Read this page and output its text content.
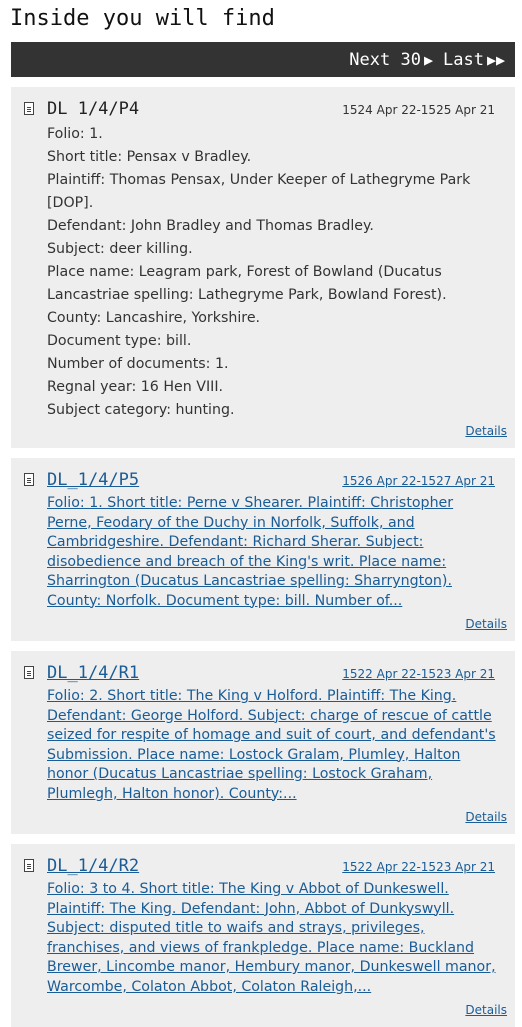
Inside you will find
Next 30 ▶ Last ▶▶
DL 1/4/P4	1524 Apr 22-1525 Apr 21

Folio: 1.

Short title: Pensax v Bradley.

Plaintiff: Thomas Pensax, Under Keeper of Lathegryme Park [DOP].

Defendant: John Bradley and Thomas Bradley.

Subject: deer killing.

Place name: Leagram park, Forest of Bowland (Ducatus Lancastriae spelling: Lathegryme Park, Bowland Forest).

County: Lancashire, Yorkshire.

Document type: bill.

Number of documents: 1.

Regnal year: 16 Hen VIII.

Subject category: hunting.

Details
DL_1/4/P5	1526 Apr 22-1527 Apr 21
Folio: 1. Short title: Perne v Shearer. Plaintiff: Christopher Perne, Feodary of the Duchy in Norfolk, Suffolk, and Cambridgeshire. Defendant: Richard Sherar. Subject: disobedience and breach of the King's writ. Place name: Sharrington (Ducatus Lancastriae spelling: Sharryngton). County: Norfolk. Document type: bill. Number of...
Details
DL_1/4/R1	1522 Apr 22-1523 Apr 21
Folio: 2. Short title: The King v Holford. Plaintiff: The King. Defendant: George Holford. Subject: charge of rescue of cattle seized for respite of homage and suit of court, and defendant's Submission. Place name: Lostock Gralam, Plumley, Halton honor (Ducatus Lancastriae spelling: Lostock Graham, Plumlegh, Halton honor). County:...
Details
DL_1/4/R2	1522 Apr 22-1523 Apr 21
Folio: 3 to 4. Short title: The King v Abbot of Dunkeswell. Plaintiff: The King. Defendant: John, Abbot of Dunkyswyll. Subject: disputed title to waifs and strays, privileges, franchises, and views of frankpledge. Place name: Buckland Brewer, Lincombe manor, Hembury manor, Dunkeswell manor, Warcombe, Colaton Abbot, Colaton Raleigh,...
Details
